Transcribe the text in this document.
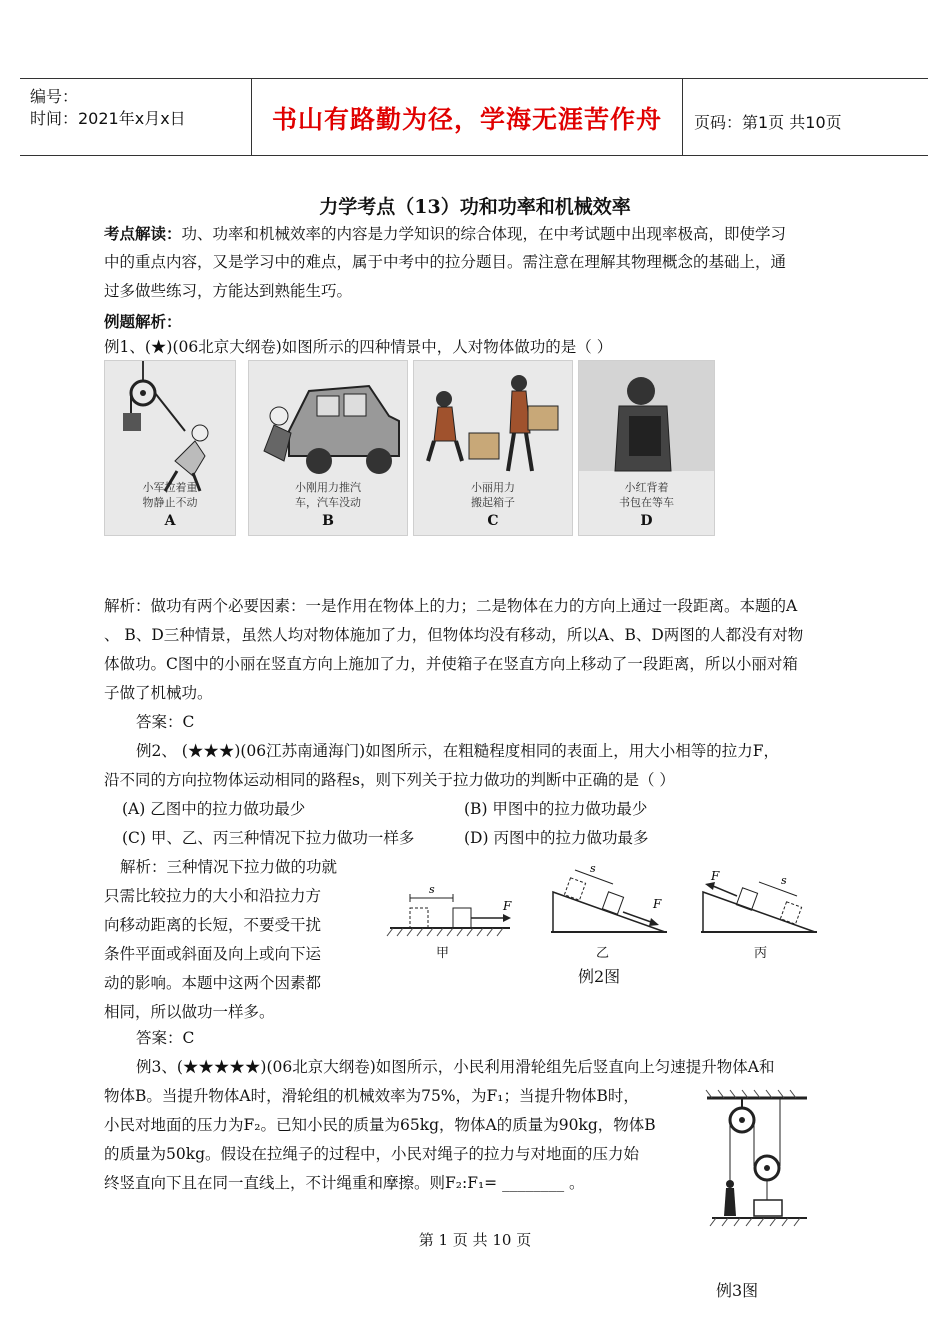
编号：
时间：2021年x月x日	书山有路勤为径，学海无涯苦作舟	页码：第1页 共10页
力学考点（13）功和功率和机械效率
考点解读：功、功率和机械效率的内容是力学知识的综合体现，在中考试题中出现率极高，即使学习
中的重点内容，又是学习中的难点，属于中考中的拉分题目。需注意在理解其物理概念的基础上，通
过多做些练习，方能达到熟能生巧。
例题解析：
例1、(★)(06北京大纲卷)如图所示的四种情景中，人对物体做功的是（ ）
小军拉着重
物静止不动
A
小刚用力推汽
车，汽车没动
B
小丽用力
搬起箱子
C
小红背着
书包在等车
D
解析：做功有两个必要因素：一是作用在物体上的力；二是物体在力的方向上通过一段距离。本题的A
、 B、D三种情景，虽然人均对物体施加了力，但物体均没有移动，所以A、B、D两图的人都没有对物
体做功。C图中的小丽在竖直方向上施加了力，并使箱子在竖直方向上移动了一段距离，所以小丽对箱
子做了机械功。
答案：C
例2、 (★★★)(06江苏南通海门)如图所示，在粗糙程度相同的表面上，用大小相等的拉力F，
沿不同的方向拉物体运动相同的路程s，则下列关于拉力做功的判断中正确的是（ ）
(A) 乙图中的拉力做功最少	(B) 甲图中的拉力做功最少
(C) 甲、乙、丙三种情况下拉力做功一样多	(D) 丙图中的拉力做功最多
解析：三种情况下拉力做的功就
只需比较拉力的大小和沿拉力方
向移动距离的长短，不要受干扰
条件平面或斜面及向上或向下运
动的影响。本题中这两个因素都
相同，所以做功一样多。
s
F
s
F
s
F
甲	乙	丙
例2图
答案：C
例3、(★★★★★)(06北京大纲卷)如图所示，小民利用滑轮组先后竖直向上匀速提升物体A和
物体B。当提升物体A时，滑轮组的机械效率为75%，为F₁；当提升物体B时，
小民对地面的压力为F₂。已知小民的质量为65kg，物体A的质量为90kg，物体B
的质量为50kg。假设在拉绳子的过程中，小民对绳子的拉力与对地面的压力始
终竖直向下且在同一直线上，不计绳重和摩擦。则F₂:F₁= ________ 。
第 1 页 共 10 页
例3图
